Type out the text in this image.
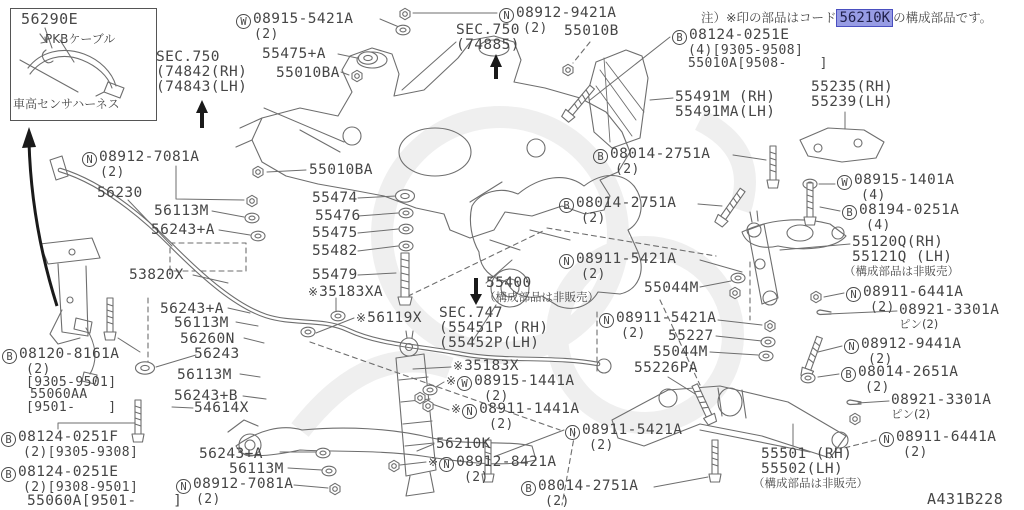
56290E
PKBケーブル
車高センサハーネス
注）※印の部品はコード 56210K の構成部品です。
W 08915-5421A
(2)
SEC.750
(74842(RH)
(74843(LH)
55475+A
55010BA
N 08912-9421A
(2)
SEC.750
(74885)
55010B	B 08124-0251E
(4)[9305-9508]
55010A[9508-    ]
55491M (RH)
55491MA(LH)
55235(RH)
55239(LH)
N 08912-7081A
(2)	55010BA
56230
56113M
56243+A
B 08014-2751A
(2)
B 08014-2751A
(2)
W 08915-1401A
(4)
B 08194-0251A
(4)
55120Q(RH)
55121Q (LH)
（構成部品は非販売）
55474
55476
55475
55482
55479
※35183XA
N 08911-5421A
(2)
55044M
53820X
N 08911-6441A
(2) 08921-3301A
ピン(2)
N 08911-5421A
(2)	55227
55044M
55226PA
N 08912-9441A
(2)
B 08014-2651A
(2)
56243+A
56113M
56260N
56243
B 08120-8161A
(2)
[9305-9501]
55060AA
[9501-    ]
56113M
56243+B
54614X
※56119X SEC.747
(55451P (RH)
(55452P(LH)
※35183X
※ W 08915-1441A
(2)
※ N 08911-1441A
(2)
55400
（構成部品は非販売）
08921-3301A
ピン(2)
N 08911-6441A
(2)
55501 (RH)
55502(LH)
（構成部品は非販売）
56210K
※ N 08912-8421A
(2)
N 08911-5421A
(2)
B 08014-2751A
(2)
56243+A
56113M
N 08912-7081A
(2)
B 08124-0251F
(2)[9305-9308]
B 08124-0251E
(2)[9308-9501]
55060A[9501-    ]	A431B228
